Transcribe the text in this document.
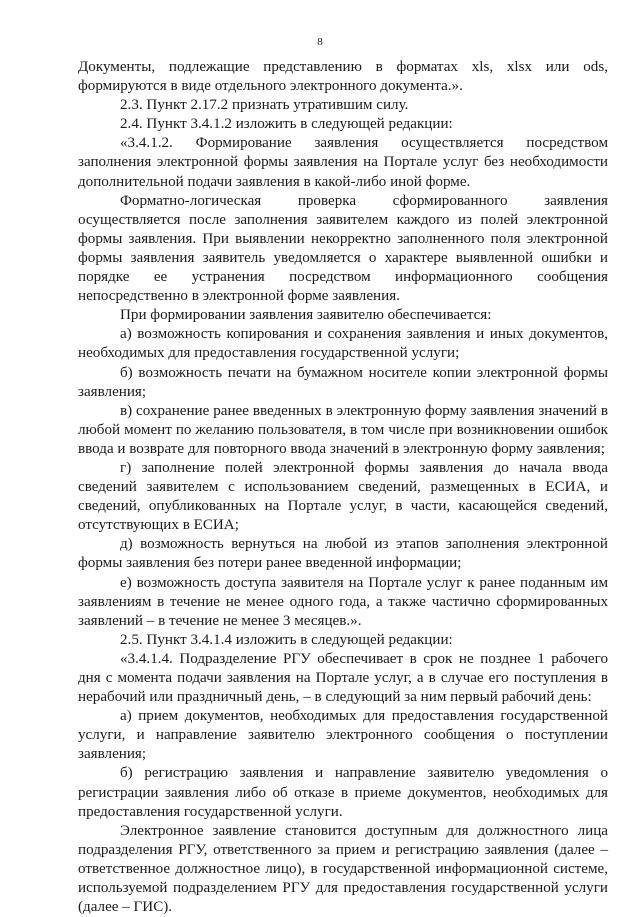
8

Документы, подлежащие представлению в форматах xls, xlsx или ods, формируются в виде отдельного электронного документа.».

2.3. Пункт 2.17.2 признать утратившим силу.

2.4. Пункт 3.4.1.2 изложить в следующей редакции:

«3.4.1.2. Формирование заявления осуществляется посредством заполнения электронной формы заявления на Портале услуг без необходимости дополнительной подачи заявления в какой-либо иной форме.

Форматно-логическая проверка сформированного заявления осуществляется после заполнения заявителем каждого из полей электронной формы заявления. При выявлении некорректно заполненного поля электронной формы заявления заявитель уведомляется о характере выявленной ошибки и порядке ее устранения посредством информационного сообщения непосредственно в электронной форме заявления.

При формировании заявления заявителю обеспечивается:

а) возможность копирования и сохранения заявления и иных документов, необходимых для предоставления государственной услуги;

б) возможность печати на бумажном носителе копии электронной формы заявления;

в) сохранение ранее введенных в электронную форму заявления значений в любой момент по желанию пользователя, в том числе при возникновении ошибок ввода и возврате для повторного ввода значений в электронную форму заявления;

г) заполнение полей электронной формы заявления до начала ввода сведений заявителем с использованием сведений, размещенных в ЕСИА, и сведений, опубликованных на Портале услуг, в части, касающейся сведений, отсутствующих в ЕСИА;

д) возможность вернуться на любой из этапов заполнения электронной формы заявления без потери ранее введенной информации;

е) возможность доступа заявителя на Портале услуг к ранее поданным им заявлениям в течение не менее одного года, а также частично сформированных заявлений – в течение не менее 3 месяцев.».

2.5. Пункт 3.4.1.4 изложить в следующей редакции:

«3.4.1.4. Подразделение РГУ обеспечивает в срок не позднее 1 рабочего дня с момента подачи заявления на Портале услуг, а в случае его поступления в нерабочий или праздничный день, – в следующий за ним первый рабочий день:

а) прием документов, необходимых для предоставления государственной услуги, и направление заявителю электронного сообщения о поступлении заявления;

б) регистрацию заявления и направление заявителю уведомления о регистрации заявления либо об отказе в приеме документов, необходимых для предоставления государственной услуги.

Электронное заявление становится доступным для должностного лица подразделения РГУ, ответственного за прием и регистрацию заявления (далее – ответственное должностное лицо), в государственной информационной системе, используемой подразделением РГУ для предоставления государственной услуги (далее – ГИС).
